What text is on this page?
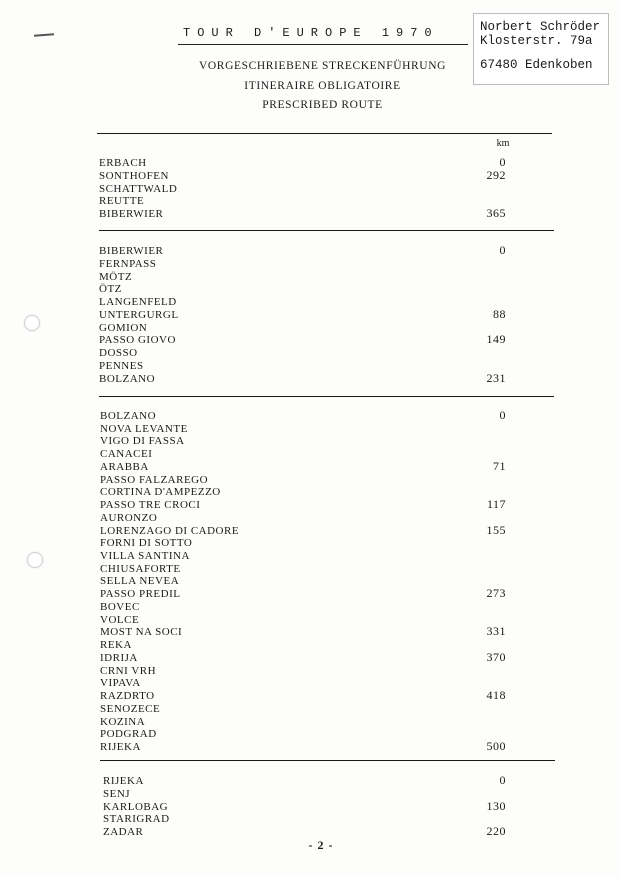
TOUR D'EUROPE 1970	Norbert Schröder
Klosterstr. 79a
67480 Edenkoben
VORGESCHRIEBENE STRECKENFÜHRUNG
ITINERAIRE OBLIGATOIRE
PRESCRIBED ROUTE
km
ERBACH	0
SONTHOFEN	292
SCHATTWALD
REUTTE
BIBERWIER	365
BIBERWIER	0
FERNPASS
MÖTZ
ÖTZ
LANGENFELD
UNTERGURGL	88
GOMION
PASSO GIOVO	149
DOSSO
PENNES
BOLZANO	231
BOLZANO	0
NOVA LEVANTE
VIGO DI FASSA
CANACEI
ARABBA	71
PASSO FALZAREGO
CORTINA D'AMPEZZO
PASSO TRE CROCI	117
AURONZO
LORENZAGO DI CADORE	155
FORNI DI SOTTO
VILLA SANTINA
CHIUSAFORTE
SELLA NEVEA
PASSO PREDIL	273
BOVEC
VOLCE
MOST NA SOCI	331
REKA
IDRIJA	370
CRNI VRH
VIPAVA
RAZDRTO	418
SENOZECE
KOZINA
PODGRAD
RIJEKA	500
RIJEKA	0
SENJ
KARLOBAG	130
STARIGRAD
ZADAR	220
- 2 -
